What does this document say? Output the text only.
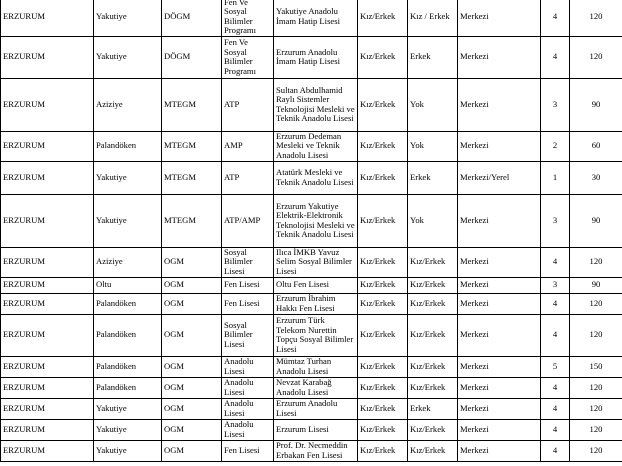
ERZURUM	Yakutiye	DÖGM	Fen Ve Sosyal Bilimler Programı	Yakutiye Anadolu İmam Hatip Lisesi	Kız/Erkek	Kız / Erkek	Merkezi	4	120
ERZURUM	Yakutiye	DÖGM	Fen Ve Sosyal Bilimler Programı	Erzurum Anadolu İmam Hatip Lisesi	Kız/Erkek	Erkek	Merkezi	4	120
ERZURUM	Aziziye	MTEGM	ATP	Sultan Abdulhamid Raylı Sistemler Teknolojisi Mesleki ve Teknik Anadolu Lisesi	Kız/Erkek	Yok	Merkezi	3	90
ERZURUM	Palandöken	MTEGM	AMP	Erzurum Dedeman Mesleki ve Teknik Anadolu Lisesi	Kız/Erkek	Yok	Merkezi	2	60
ERZURUM	Yakutiye	MTEGM	ATP	Atatürk Mesleki ve Teknik Anadolu Lisesi	Kız/Erkek	Erkek	Merkezi/Yerel	1	30
ERZURUM	Yakutiye	MTEGM	ATP/AMP	Erzurum Yakutiye Elektrik-Elektronik Teknolojisi Mesleki ve Teknik Anadolu Lisesi	Kız/Erkek	Yok	Merkezi	3	90
ERZURUM	Aziziye	OGM	Sosyal Bilimler Lisesi	Ilıca İMKB Yavuz Selim Sosyal Bilimler Lisesi	Kız/Erkek	Kız/Erkek	Merkezi	4	120
ERZURUM	Oltu	OGM	Fen Lisesi	Oltu Fen Lisesi	Kız/Erkek	Kız/Erkek	Merkezi	3	90
ERZURUM	Palandöken	OGM	Fen Lisesi	Erzurum İbrahim Hakkı Fen Lisesi	Kız/Erkek	Kız/Erkek	Merkezi	4	120
ERZURUM	Palandöken	OGM	Sosyal Bilimler Lisesi	Erzurum Türk Telekom Nurettin Topçu Sosyal Bilimler Lisesi	Kız/Erkek	Kız/Erkek	Merkezi	4	120
ERZURUM	Palandöken	OGM	Anadolu Lisesi	Mümtaz Turhan Anadolu Lisesi	Kız/Erkek	Kız/Erkek	Merkezi	5	150
ERZURUM	Palandöken	OGM	Anadolu Lisesi	Nevzat Karabağ Anadolu Lisesi	Kız/Erkek	Kız/Erkek	Merkezi	4	120
ERZURUM	Yakutiye	OGM	Anadolu Lisesi	Erzurum Anadolu Lisesi	Kız/Erkek	Erkek	Merkezi	4	120
ERZURUM	Yakutiye	OGM	Anadolu Lisesi	Erzurum Lisesi	Kız/Erkek	Kız/Erkek	Merkezi	4	120
ERZURUM	Yakutiye	OGM	Fen Lisesi	Prof. Dr. Necmeddin Erbakan Fen Lisesi	Kız/Erkek	Kız/Erkek	Merkezi	4	120
